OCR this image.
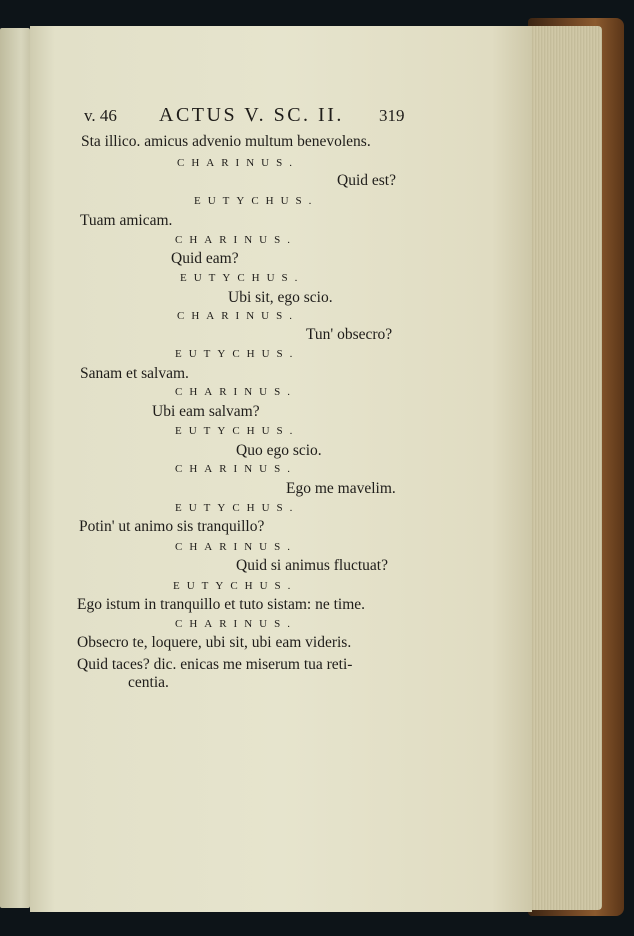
v. 46 ACTUS V. SC. II. 319
Sta illico. amicus advenio multum benevolens.
CHARINUS.
Quid est?
EUTYCHUS.
Tuam amicam.
CHARINUS.
Quid eam?
EUTYCHUS.
Ubi sit, ego scio.
CHARINUS.
Tun' obsecro?
EUTYCHUS.
Sanam et salvam.
CHARINUS.
Ubi eam salvam?
EUTYCHUS.
Quo ego scio.
CHARINUS.
Ego me mavelim.
EUTYCHUS.
Potin' ut animo sis tranquillo?
CHARINUS.
Quid si animus fluctuat?
EUTYCHUS.
Ego istum in tranquillo et tuto sistam: ne time.
CHARINUS.
Obsecro te, loquere, ubi sit, ubi eam videris.
Quid taces? dic. enicas me miserum tua reti-
centia.
